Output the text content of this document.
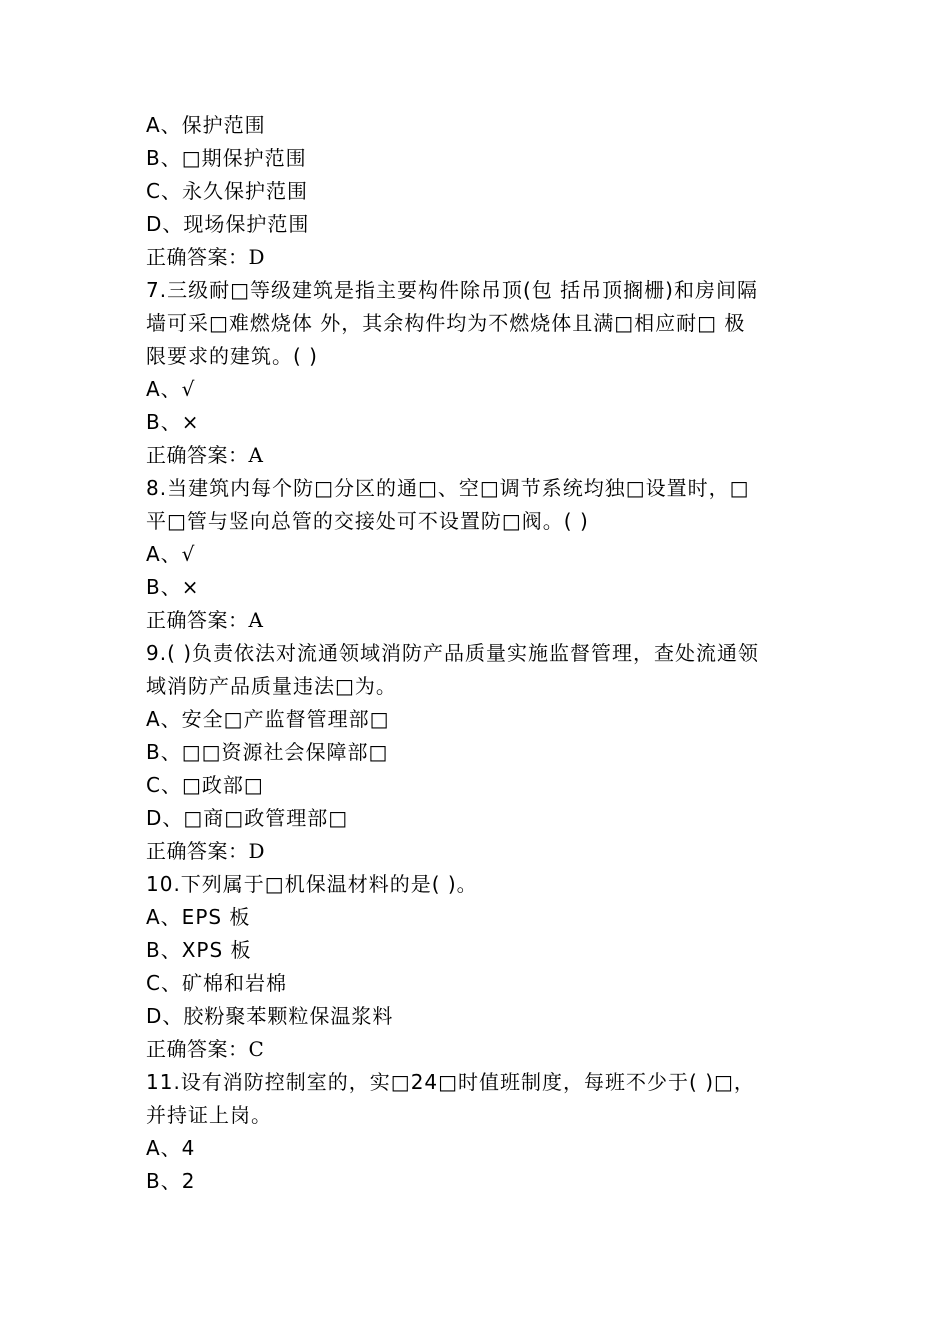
A、保护范围
B、□期保护范围
C、永久保护范围
D、现场保护范围
正确答案：D
7.三级耐□等级建筑是指主要构件除吊顶(包 括吊顶搁栅)和房间隔
墙可采□难燃烧体 外，其余构件均为不燃烧体且满□相应耐□ 极
限要求的建筑。( )
A、√
B、×
正确答案：A
8.当建筑内每个防□分区的通□、空□调节系统均独□设置时，□
平□管与竖向总管的交接处可不设置防□阀。( )
A、√
B、×
正确答案：A
9.( )负责依法对流通领域消防产品质量实施监督管理，查处流通领
域消防产品质量违法□为。
A、安全□产监督管理部□
B、□□资源社会保障部□
C、□政部□
D、□商□政管理部□
正确答案：D
10.下列属于□机保温材料的是( )。
A、EPS 板
B、XPS 板
C、矿棉和岩棉
D、胶粉聚苯颗粒保温浆料
正确答案：C
11.设有消防控制室的，实□24□时值班制度，每班不少于( )□，
并持证上岗。
A、4
B、2
